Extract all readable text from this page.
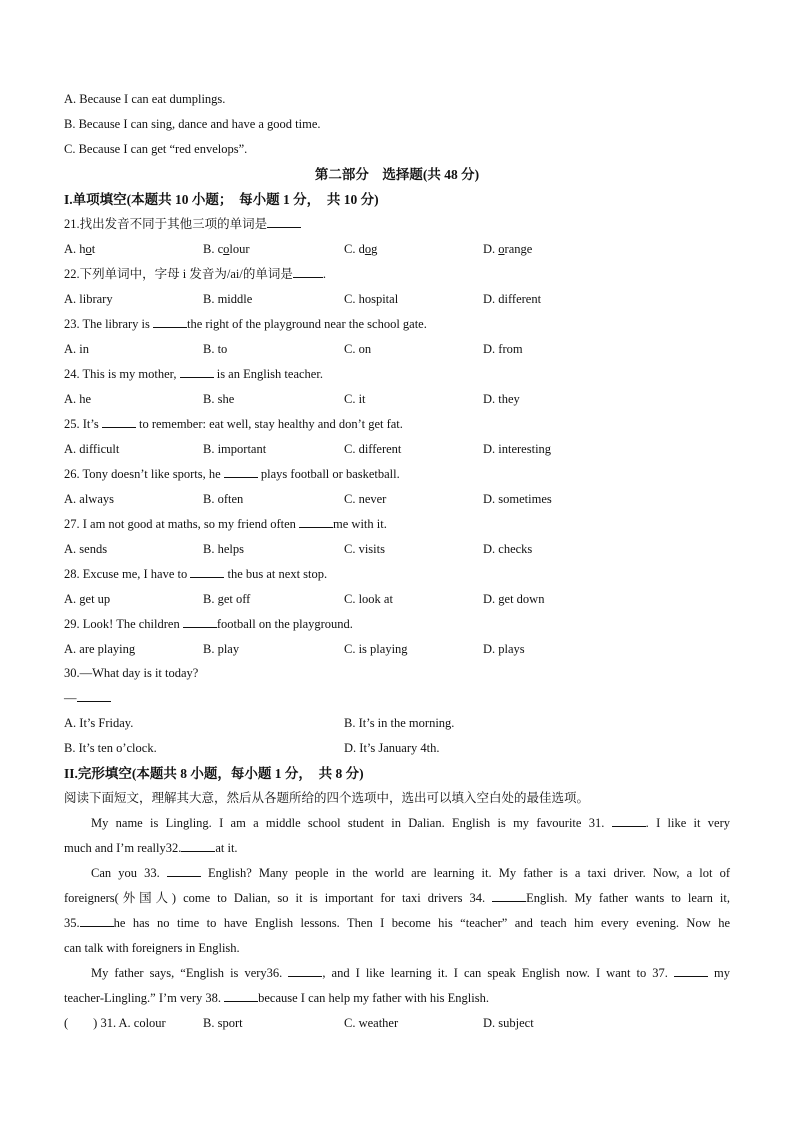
A. Because I can eat dumplings.
B. Because I can sing, dance and have a good time.
C. Because I can get “red envelops”.
第二部分　选择题(共 48 分)
I.单项填空(本题共 10 小题；　每小题 1 分，　共 10 分)
21.找出发音不同于其他三项的单词是
A. hot	B. colour	C. dog	D. orange
22.下列单词中，字母 i 发音为/ai/的单词是 .
A. library	B. middle	C. hospital	D. different
23. The library is	the right of the playground near the school gate.
A. in	B. to	C. on	D. from
24. This is my mother,	is an English teacher.
A. he	B. she	C. it	D. they
25. It’s	to remember: eat well, stay healthy and don’t get fat.
A. difficult	B. important	C. different	D. interesting
26. Tony doesn’t like sports, he	plays football or basketball.
A. always	B. often	C. never	D. sometimes
27. I am not good at maths, so my friend often	me with it.
A. sends	B. helps	C. visits	D. checks
28. Excuse me, I have to	the bus at next stop.
A. get up	B. get off	C. look at	D. get down
29. Look! The children	football on the playground.
A. are playing	B. play	C. is playing	D. plays
30.—What day is it today?
—
A. It’s Friday.	B. It’s in the morning.
B. It’s ten o’clock.	D. It’s January 4th.
II.完形填空(本题共 8 小题，每小题 1 分，　共 8 分)
阅读下面短文，理解其大意，然后从各题所给的四个选项中，选出可以填入空白处的最佳选项。
My name is Lingling. I am a middle school student in Dalian. English is my favourite 31.	. I like it very
much and I’m really32.	at it.
Can you 33.	English? Many people in the world are learning it. My father is a taxi driver. Now, a lot of
foreigners(外国人) come to Dalian, so it is important for taxi drivers 34.	English. My father wants to learn it,
35.	he has no time to have English lessons. Then I become his “teacher” and teach him every evening. Now he
can talk with foreigners in English.
My father says, “English is very36.	, and I like learning it. I can speak English now. I want to 37.	my
teacher-Lingling.” I’m very 38.	because I can help my father with his English.
(　　) 31. A. colour	B. sport	C. weather	D. subject
